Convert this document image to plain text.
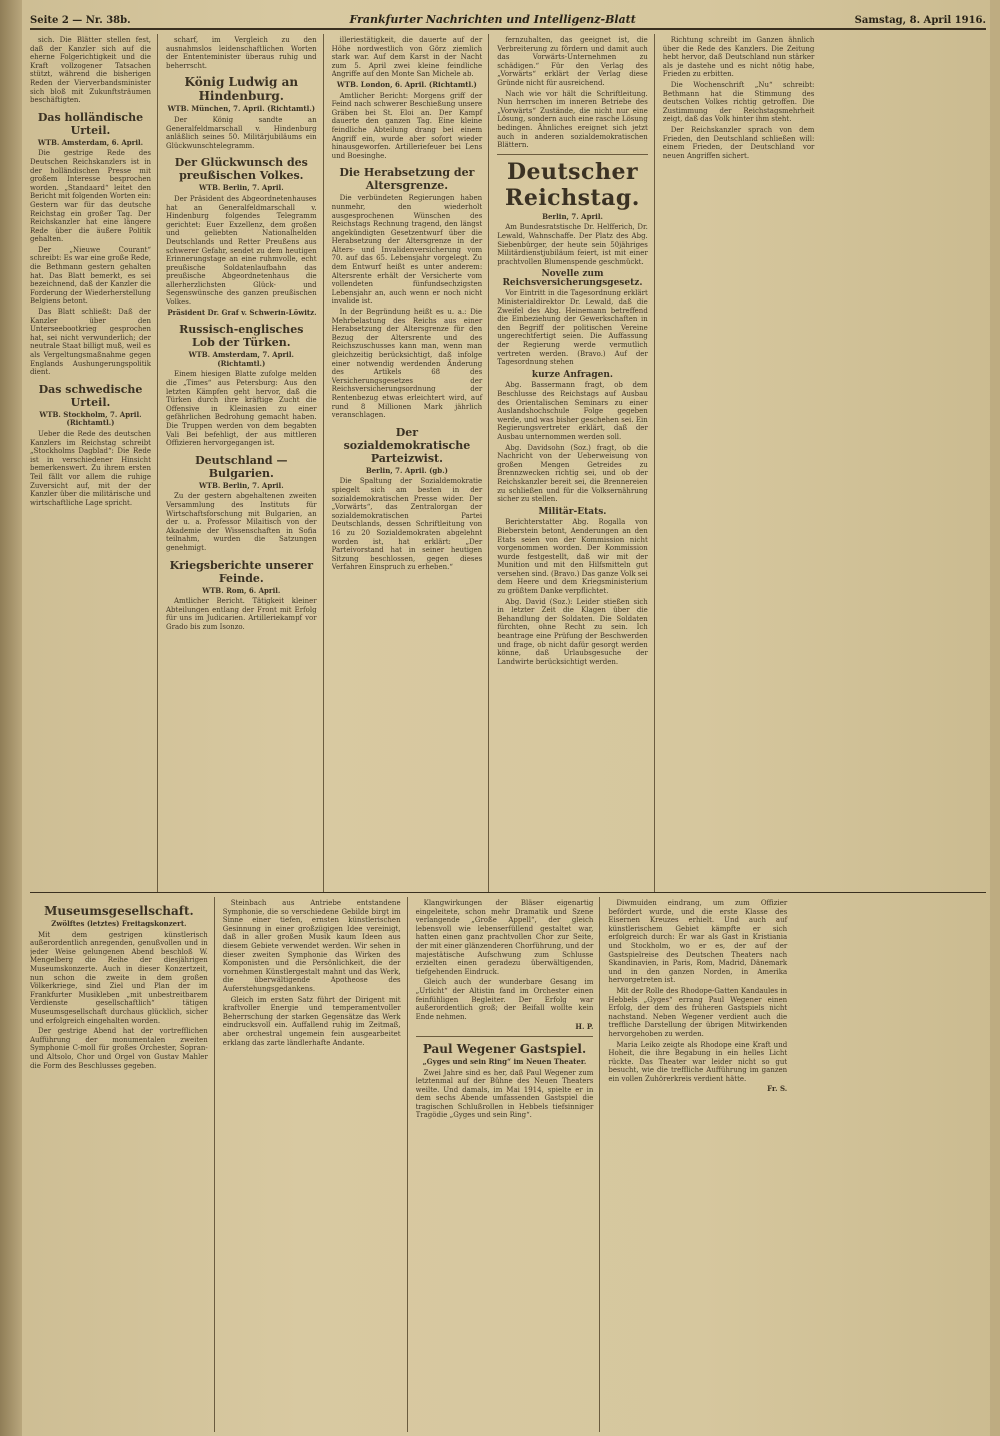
Seite 2 — Nr. 38b.	Frankfurter Nachrichten und Intelligenz-Blatt	Samstag, 8. April 1916.

sich. Die Blätter stellen fest, daß der Kanzler sich auf die eherne Folgerichtigkeit und die Kraft vollzogener Tatsachen stützt, während die bisherigen Reden der Vierverbandsminister sich bloß mit Zukunftsträumen beschäftigten.

Das holländische Urteil.
WTB. Amsterdam, 6. April.

Die gestrige Rede des Deutschen Reichskanzlers ist in der holländischen Presse mit großem Interesse besprochen worden. „Standaard“ leitet den Bericht mit folgenden Worten ein: Gestern war für das deutsche Reichstag ein großer Tag. Der Reichskanzler hat eine längere Rede über die äußere Politik gehalten.

Der „Nieuwe Courant“ schreibt: Es war eine große Rede, die Bethmann gestern gehalten hat. Das Blatt bemerkt, es sei bezeichnend, daß der Kanzler die Forderung der Wiederherstellung Belgiens betont.

Das Blatt schließt: Daß der Kanzler über den Unterseebootkrieg gesprochen hat, sei nicht verwunderlich; der neutrale Staat billigt muß, weil es als Vergeltungsmaßnahme gegen Englands Aushungerungspolitik dient.

Das schwedische Urteil.
WTB. Stockholm, 7. April. (Richtamtl.)

Ueber die Rede des deutschen Kanzlers im Reichstag schreibt „Stockholms Dagblad“: Die Rede ist in verschiedener Hinsicht bemerkenswert. Zu ihrem ersten Teil fällt vor allem die ruhige Zuversicht auf, mit der der Kanzler über die militärische und wirtschaftliche Lage spricht.

scharf, im Vergleich zu den ausnahmslos leidenschaftlichen Worten der Ententeminister überaus ruhig und beherrscht.

König Ludwig an Hindenburg.
WTB. München, 7. April. (Richtamtl.)

Der König sandte an Generalfeldmarschall v. Hindenburg anläßlich seines 50. Militärjubiläums ein Glückwunschtelegramm.

Der Glückwunsch des preußischen Volkes.
WTB. Berlin, 7. April.

Der Präsident des Abgeordnetenhauses hat an Generalfeldmarschall v. Hindenburg folgendes Telegramm gerichtet: Euer Exzellenz, dem großen und geliebten Nationalhelden Deutschlands und Retter Preußens aus schwerer Gefahr, sendet zu dem heutigen Erinnerungstage an eine ruhmvolle, echt preußische Soldatenlaufbahn das preußische Abgeordnetenhaus die allerherzlichsten Glück- und Segenswünsche des ganzen preußischen Volkes.

Präsident Dr. Graf v. Schwerin-Löwitz.
Russisch-englisches Lob der Türken.
WTB. Amsterdam, 7. April. (Richtamtl.)

Einem hiesigen Blatte zufolge melden die „Times“ aus Petersburg: Aus den letzten Kämpfen geht hervor, daß die Türken durch ihre kräftige Zucht die Offensive in Kleinasien zu einer gefährlichen Bedrohung gemacht haben. Die Truppen werden von dem begabten Vali Bei befehligt, der aus mittleren Offizieren hervorgegangen ist.

Deutschland — Bulgarien.
WTB. Berlin, 7. April.

Zu der gestern abgehaltenen zweiten Versammlung des Instituts für Wirtschaftsforschung mit Bulgarien, an der u. a. Professor Milaitisch von der Akademie der Wissenschaften in Sofia teilnahm, wurden die Satzungen genehmigt.

Kriegsberichte unserer Feinde.
WTB. Rom, 6. April.

Amtlicher Bericht. Tätigkeit kleiner Abteilungen entlang der Front mit Erfolg für uns im Judicarien. Artilleriekampf vor Grado bis zum Isonzo.

illeriestätigkeit, die dauerte auf der Höhe nordwestlich von Görz ziemlich stark war. Auf dem Karst in der Nacht zum 5. April zwei kleine feindliche Angriffe auf den Monte San Michele ab.

WTB. London, 6. April. (Richtamtl.)

Amtlicher Bericht: Morgens griff der Feind nach schwerer Beschießung unsere Gräben bei St. Eloi an. Der Kampf dauerte den ganzen Tag. Eine kleine feindliche Abteilung drang bei einem Angriff ein, wurde aber sofort wieder hinausgeworfen. Artilleriefeuer bei Lens und Boesinghe.

Die Herabsetzung der Altersgrenze.

Die verbündeten Regierungen haben nunmehr, den wiederholt ausgesprochenen Wünschen des Reichstags Rechnung tragend, den längst angekündigten Gesetzentwurf über die Herabsetzung der Altersgrenze in der Alters- und Invalidenversicherung vom 70. auf das 65. Lebensjahr vorgelegt. Zu dem Entwurf heißt es unter anderem: Altersrente erhält der Versicherte vom vollendeten fünfundsechzigsten Lebensjahr an, auch wenn er noch nicht invalide ist.

In der Begründung heißt es u. a.: Die Mehrbelastung des Reichs aus einer Herabsetzung der Altersgrenze für den Bezug der Altersrente und des Reichszuschusses kann man, wenn man gleichzeitig berücksichtigt, daß infolge einer notwendig werdenden Änderung des Artikels 68 des Versicherungsgesetzes der Reichsversicherungsordnung der Rentenbezug etwas erleichtert wird, auf rund 8 Millionen Mark jährlich veranschlagen.

Der sozialdemokratische Parteizwist.
Berlin, 7. April. (gb.)

Die Spaltung der Sozialdemokratie spiegelt sich am besten in der sozialdemokratischen Presse wider. Der „Vorwärts“, das Zentralorgan der sozialdemokratischen Partei Deutschlands, dessen Schriftleitung von 16 zu 20 Sozialdemokraten abgelehnt worden ist, hat erklärt: „Der Parteivorstand hat in seiner heutigen Sitzung beschlossen, gegen dieses Verfahren Einspruch zu erheben.“

fernzuhalten, das geeignet ist, die Verbreiterung zu fördern und damit auch das Vorwärts-Unternehmen zu schädigen.“ Für den Verlag des „Vorwärts“ erklärt der Verlag diese Gründe nicht für ausreichend.

Nach wie vor hält die Schriftleitung. Nun herrschen im inneren Betriebe des „Vorwärts“ Zustände, die nicht nur eine Lösung, sondern auch eine rasche Lösung bedingen. Ähnliches ereignet sich jetzt auch in anderen sozialdemokratischen Blättern.

Deutscher Reichstag.
Berlin, 7. April.

Am Bundesratstische Dr. Helfferich, Dr. Lewald, Wahnschaffe. Der Platz des Abg. Siebenbürger, der heute sein 50jähriges Militärdienstjubiläum feiert, ist mit einer prachtvollen Blumenspende geschmückt.

Novelle zum Reichsversicherungsgesetz.

Vor Eintritt in die Tagesordnung erklärt Ministerialdirektor Dr. Lewald, daß die Zweifel des Abg. Heinemann betreffend die Einbeziehung der Gewerkschaften in den Begriff der politischen Vereine ungerechtfertigt seien. Die Auffassung der Regierung werde vermutlich vertreten werden. (Bravo.) Auf der Tagesordnung stehen

kurze Anfragen.

Abg. Bassermann fragt, ob dem Beschlusse des Reichstags auf Ausbau des Orientalischen Seminars zu einer Auslandshochschule Folge gegeben werde, und was bisher geschehen sei. Ein Regierungsvertreter erklärt, daß der Ausbau unternommen werden soll.

Abg. Davidsohn (Soz.) fragt, ob die Nachricht von der Ueberweisung von großen Mengen Getreides zu Brennzwecken richtig sei, und ob der Reichskanzler bereit sei, die Brennereien zu schließen und für die Volksernährung sicher zu stellen.

Militär-Etats.

Berichterstatter Abg. Rogalla von Bieberstein betont, Aenderungen an den Etats seien von der Kommission nicht vorgenommen worden. Der Kommission wurde festgestellt, daß wir mit der Munition und mit den Hilfsmitteln gut versehen sind. (Bravo.) Das ganze Volk sei dem Heere und dem Kriegsministerium zu größtem Danke verpflichtet.

Abg. David (Soz.): Leider stießen sich in letzter Zeit die Klagen über die Behandlung der Soldaten. Die Soldaten fürchten, ohne Recht zu sein. Ich beantrage eine Prüfung der Beschwerden und frage, ob nicht dafür gesorgt werden könne, daß Urlaubsgesuche der Landwirte berücksichtigt werden.

Richtung schreibt im Ganzen ähnlich über die Rede des Kanzlers. Die Zeitung hebt hervor, daß Deutschland nun stärker als je dastehe und es nicht nötig habe, Frieden zu erbitten.

Die Wochenschrift „Nu“ schreibt: Bethmann hat die Stimmung des deutschen Volkes richtig getroffen. Die Zustimmung der Reichstagsmehrheit zeigt, daß das Volk hinter ihm steht.

Der Reichskanzler sprach von dem Frieden, den Deutschland schließen will: einem Frieden, der Deutschland vor neuen Angriffen sichert.

Museumsgesellschaft.
Zwölftes (letztes) Freitagskonzert.

Mit dem gestrigen künstlerisch außerordentlich anregenden, genußvollen und in jeder Weise gelungenen Abend beschloß W. Mengelberg die Reihe der diesjährigen Museumskonzerte. Auch in dieser Konzertzeit, nun schon die zweite in dem großen Völkerkriege, sind Ziel und Plan der im Frankfurter Musikleben „mit unbestreitbarem Verdienste gesellschaftlich“ tätigen Museumsgesellschaft durchaus glücklich, sicher und erfolgreich eingehalten worden.

Der gestrige Abend hat der vortrefflichen Aufführung der monumentalen zweiten Symphonie C-moll für großes Orchester, Sopran- und Altsolo, Chor und Orgel von Gustav Mahler die Form des Beschlusses gegeben.

Steinbach aus Antriebe entstandene Symphonie, die so verschiedene Gebilde birgt im Sinne einer tiefen, ernsten künstlerischen Gesinnung in einer großzügigen Idee vereinigt, daß in aller großen Musik kaum Ideen aus diesem Gebiete verwendet werden. Wir sehen in dieser zweiten Symphonie das Wirken des Komponisten und die Persönlichkeit, die der vornehmen Künstlergestalt mahnt und das Werk, die überwältigende Apotheose des Auferstehungsgedankens.

Gleich im ersten Satz führt der Dirigent mit kraftvoller Energie und temperamentvoller Beherrschung der starken Gegensätze das Werk eindrucksvoll ein. Auffallend ruhig im Zeitmaß, aber orchestral ungemein fein ausgearbeitet erklang das zarte ländlerhafte Andante.

Klangwirkungen der Bläser eigenartig eingeleitete, schon mehr Dramatik und Szene verlangende „Große Appell“, der gleich lebensvoll wie lebenserfüllend gestaltet war, hatten einen ganz prachtvollen Chor zur Seite, der mit einer glänzenderen Chorführung, und der majestätische Aufschwung zum Schlusse erzielten einen geradezu überwältigenden, tiefgehenden Eindruck.

Gleich auch der wunderbare Gesang im „Urlicht“ der Altistin fand im Orchester einen feinfühligen Begleiter. Der Erfolg war außerordentlich groß; der Beifall wollte kein Ende nehmen.

H. P.
Paul Wegener Gastspiel.
„Gyges und sein Ring“ im Neuen Theater.

Zwei Jahre sind es her, daß Paul Wegener zum letztenmal auf der Bühne des Neuen Theaters weilte. Und damals, im Mai 1914, spielte er in dem sechs Abende umfassenden Gastspiel die tragischen Schlußrollen in Hebbels tiefsinniger Tragödie „Gyges und sein Ring“.

Diwmuiden eindrang, um zum Offizier befördert wurde, und die erste Klasse des Eisernen Kreuzes erhielt. Und auch auf künstlerischem Gebiet kämpfte er sich erfolgreich durch: Er war als Gast in Kristiania und Stockholm, wo er es, der auf der Gastspielreise des Deutschen Theaters nach Skandinavien, in Paris, Rom, Madrid, Dänemark und in den ganzen Norden, in Amerika hervorgetreten ist.

Mit der Rolle des Rhodope-Gatten Kandaules in Hebbels „Gyges“ errang Paul Wegener einen Erfolg, der dem des früheren Gastspiels nicht nachstand. Neben Wegener verdient auch die treffliche Darstellung der übrigen Mitwirkenden hervorgehoben zu werden.

Maria Leiko zeigte als Rhodope eine Kraft und Hoheit, die ihre Begabung in ein helles Licht rückte. Das Theater war leider nicht so gut besucht, wie die treffliche Aufführung im ganzen ein vollen Zuhörerkreis verdient hätte.

Fr. S.
